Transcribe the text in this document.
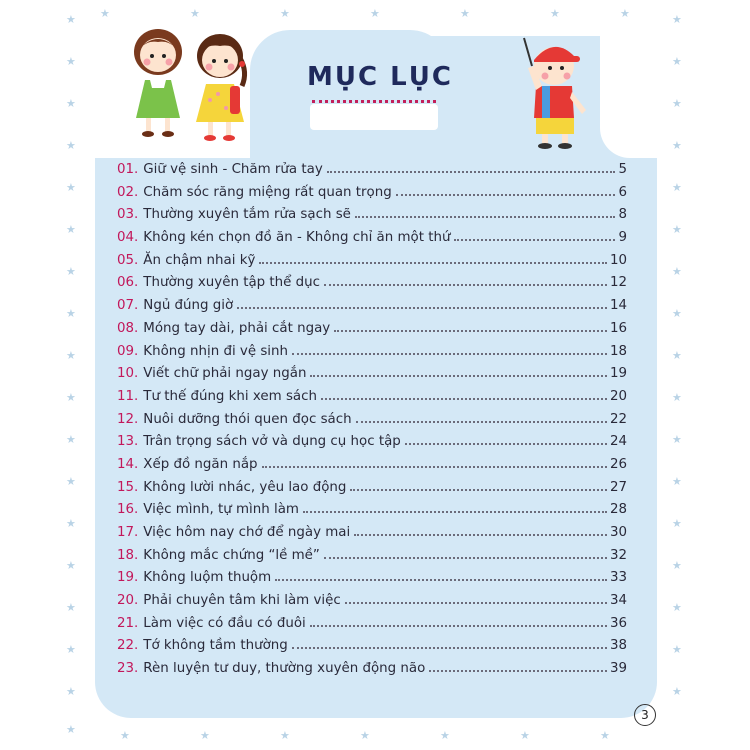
★
★
★
★
★
★
★
★
★
★
★
★
★
★
★
★
★
★
★
★
★
★
★
★
★
★
★
★
★
★
★
★
★
★
★
★	★	★	★	★	★	★
★	★	★	★	★	★	★
MỤC LỤC
01. Giữ vệ sinh - Chăm rửa tay	5
02. Chăm sóc răng miệng rất quan trọng	6
03. Thường xuyên tắm rửa sạch sẽ	8
04. Không kén chọn đồ ăn - Không chỉ ăn một thứ	9
05. Ăn chậm nhai kỹ	10
06. Thường xuyên tập thể dục	12
07. Ngủ đúng giờ	14
08. Móng tay dài, phải cắt ngay	16
09. Không nhịn đi vệ sinh	18
10. Viết chữ phải ngay ngắn	19
11. Tư thế đúng khi xem sách	20
12. Nuôi dưỡng thói quen đọc sách	22
13. Trân trọng sách vở và dụng cụ học tập	24
14. Xếp đồ ngăn nắp	26
15. Không lười nhác, yêu lao động	27
16. Việc mình, tự mình làm	28
17. Việc hôm nay chớ để ngày mai	30
18. Không mắc chứng “lề mề”	32
19. Không luộm thuộm	33
20. Phải chuyên tâm khi làm việc	34
21. Làm việc có đầu có đuôi	36
22. Tớ không tầm thường	38
23. Rèn luyện tư duy, thường xuyên động não	39
3
